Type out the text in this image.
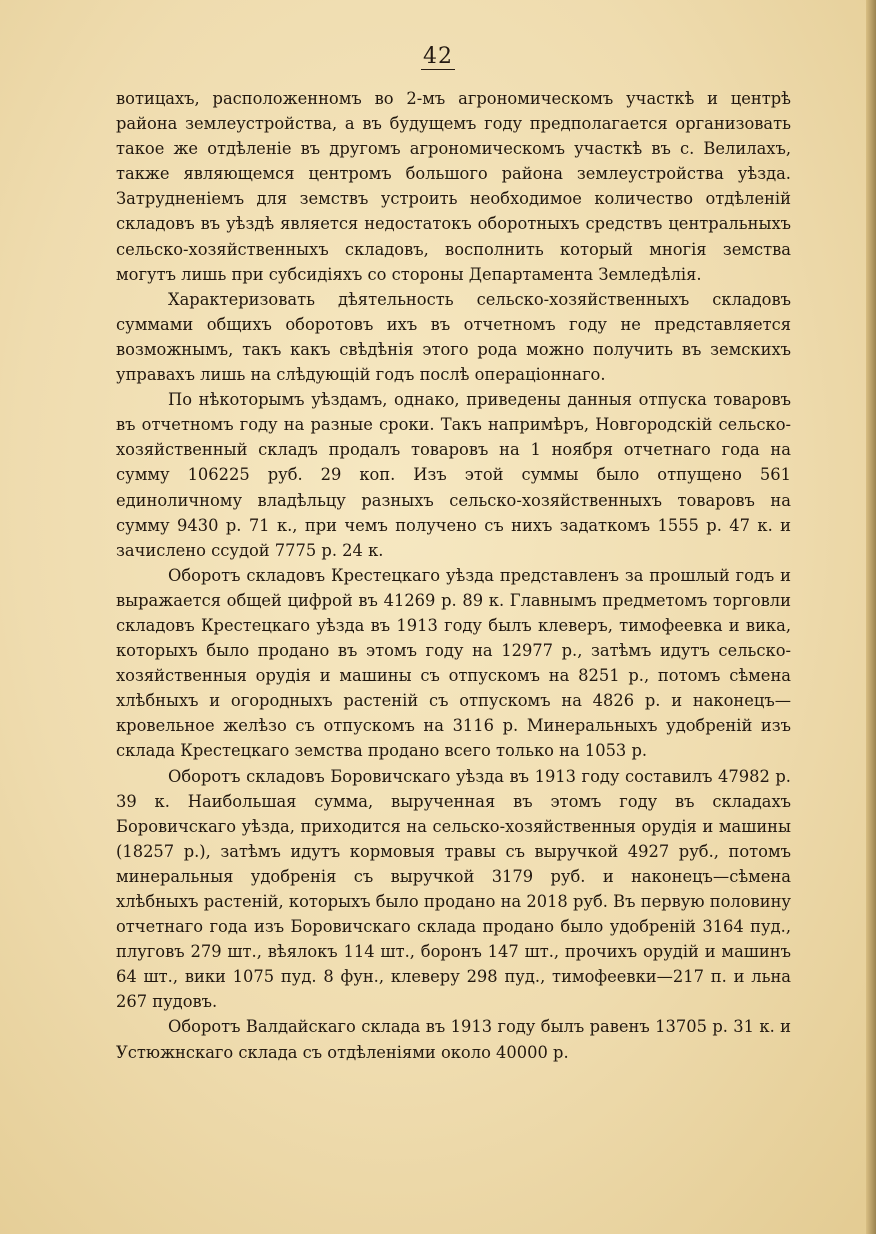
42

вотицахъ, расположенномъ во 2-мъ агрономическомъ участкѣ и центрѣ района землеустройства, а въ будущемъ году предполагается организовать такое же отдѣленіе въ другомъ агрономическомъ участкѣ въ с. Велилахъ, также являющемся центромъ большого района землеустройства уѣзда. Затрудненіемъ для земствъ устроить необходимое количество отдѣленій складовъ въ уѣздѣ является недостатокъ оборотныхъ средствъ центральныхъ сельско-хозяйственныхъ складовъ, восполнить который многія земства могутъ лишь при субсидіяхъ со стороны Департамента Земледѣлія.

Характеризовать дѣятельность сельско-хозяйственныхъ складовъ суммами общихъ оборотовъ ихъ въ отчетномъ году не представляется возможнымъ, такъ какъ свѣдѣнія этого рода можно получить въ земскихъ управахъ лишь на слѣдующій годъ послѣ операціоннаго.

По нѣкоторымъ уѣздамъ, однако, приведены данныя отпуска товаровъ въ отчетномъ году на разные сроки. Такъ напримѣръ, Новгородскій сельско-хозяйственный складъ продалъ товаровъ на 1 ноября отчетнаго года на сумму 106225 руб. 29 коп. Изъ этой суммы было отпущено 561 единоличному владѣльцу разныхъ сельско-хозяйственныхъ товаровъ на сумму 9430 р. 71 к., при чемъ получено съ нихъ задаткомъ 1555 р. 47 к. и зачислено ссудой 7775 р. 24 к.

Оборотъ складовъ Крестецкаго уѣзда представленъ за прошлый годъ и выражается общей цифрой въ 41269 р. 89 к. Главнымъ предметомъ торговли складовъ Крестецкаго уѣзда въ 1913 году былъ клеверъ, тимофеевка и вика, которыхъ было продано въ этомъ году на 12977 р., затѣмъ идутъ сельско-хозяйственныя орудія и машины съ отпускомъ на 8251 р., потомъ сѣмена хлѣбныхъ и огородныхъ растеній съ отпускомъ на 4826 р. и наконецъ—кровельное желѣзо съ отпускомъ на 3116 р. Минеральныхъ удобреній изъ склада Крестецкаго земства продано всего только на 1053 р.

Оборотъ складовъ Боровичскаго уѣзда въ 1913 году составилъ 47982 р. 39 к. Наибольшая сумма, вырученная въ этомъ году въ складахъ Боровичскаго уѣзда, приходится на сельско-хозяйственныя орудія и машины (18257 р.), затѣмъ идутъ кормовыя травы съ выручкой 4927 руб., потомъ минеральныя удобренія съ выручкой 3179 руб. и наконецъ—сѣмена хлѣбныхъ растеній, которыхъ было продано на 2018 руб. Въ первую половину отчетнаго года изъ Боровичскаго склада продано было удобреній 3164 пуд., плуговъ 279 шт., вѣялокъ 114 шт., боронъ 147 шт., прочихъ орудій и машинъ 64 шт., вики 1075 пуд. 8 фун., клеверу 298 пуд., тимофеевки—217 п. и льна 267 пудовъ.

Оборотъ Валдайскаго склада въ 1913 году былъ равенъ 13705 р. 31 к. и Устюжнскаго склада съ отдѣленіями около 40000 р.
